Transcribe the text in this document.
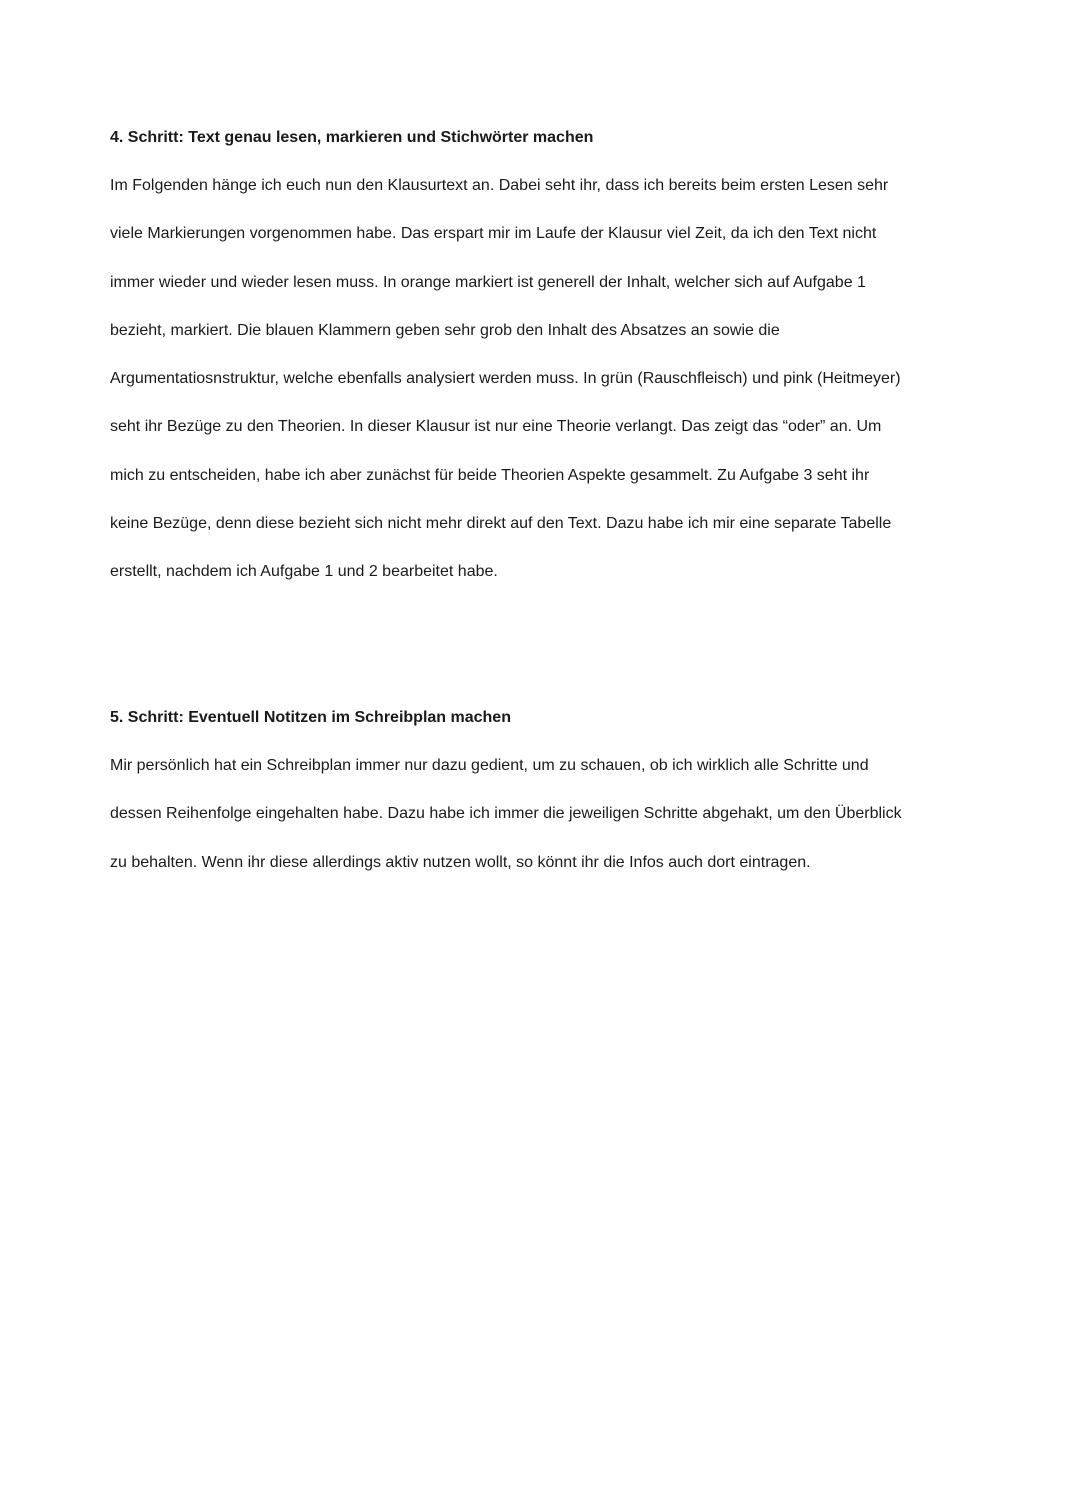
4. Schritt: Text genau lesen, markieren und Stichwörter machen

Im Folgenden hänge ich euch nun den Klausurtext an. Dabei seht ihr, dass ich bereits beim ersten Lesen sehr

viele Markierungen vorgenommen habe. Das erspart mir im Laufe der Klausur viel Zeit, da ich den Text nicht

immer wieder und wieder lesen muss. In orange markiert ist generell der Inhalt, welcher sich auf Aufgabe 1

bezieht, markiert. Die blauen Klammern geben sehr grob den Inhalt des Absatzes an sowie die

Argumentatiosnstruktur, welche ebenfalls analysiert werden muss. In grün (Rauschfleisch) und pink (Heitmeyer)

seht ihr Bezüge zu den Theorien. In dieser Klausur ist nur eine Theorie verlangt. Das zeigt das “oder” an. Um

mich zu entscheiden, habe ich aber zunächst für beide Theorien Aspekte gesammelt. Zu Aufgabe 3 seht ihr

keine Bezüge, denn diese bezieht sich nicht mehr direkt auf den Text. Dazu habe ich mir eine separate Tabelle

erstellt, nachdem ich Aufgabe 1 und 2 bearbeitet habe.

5. Schritt: Eventuell Notitzen im Schreibplan machen

Mir persönlich hat ein Schreibplan immer nur dazu gedient, um zu schauen, ob ich wirklich alle Schritte und

dessen Reihenfolge eingehalten habe. Dazu habe ich immer die jeweiligen Schritte abgehakt, um den Überblick

zu behalten. Wenn ihr diese allerdings aktiv nutzen wollt, so könnt ihr die Infos auch dort eintragen.
